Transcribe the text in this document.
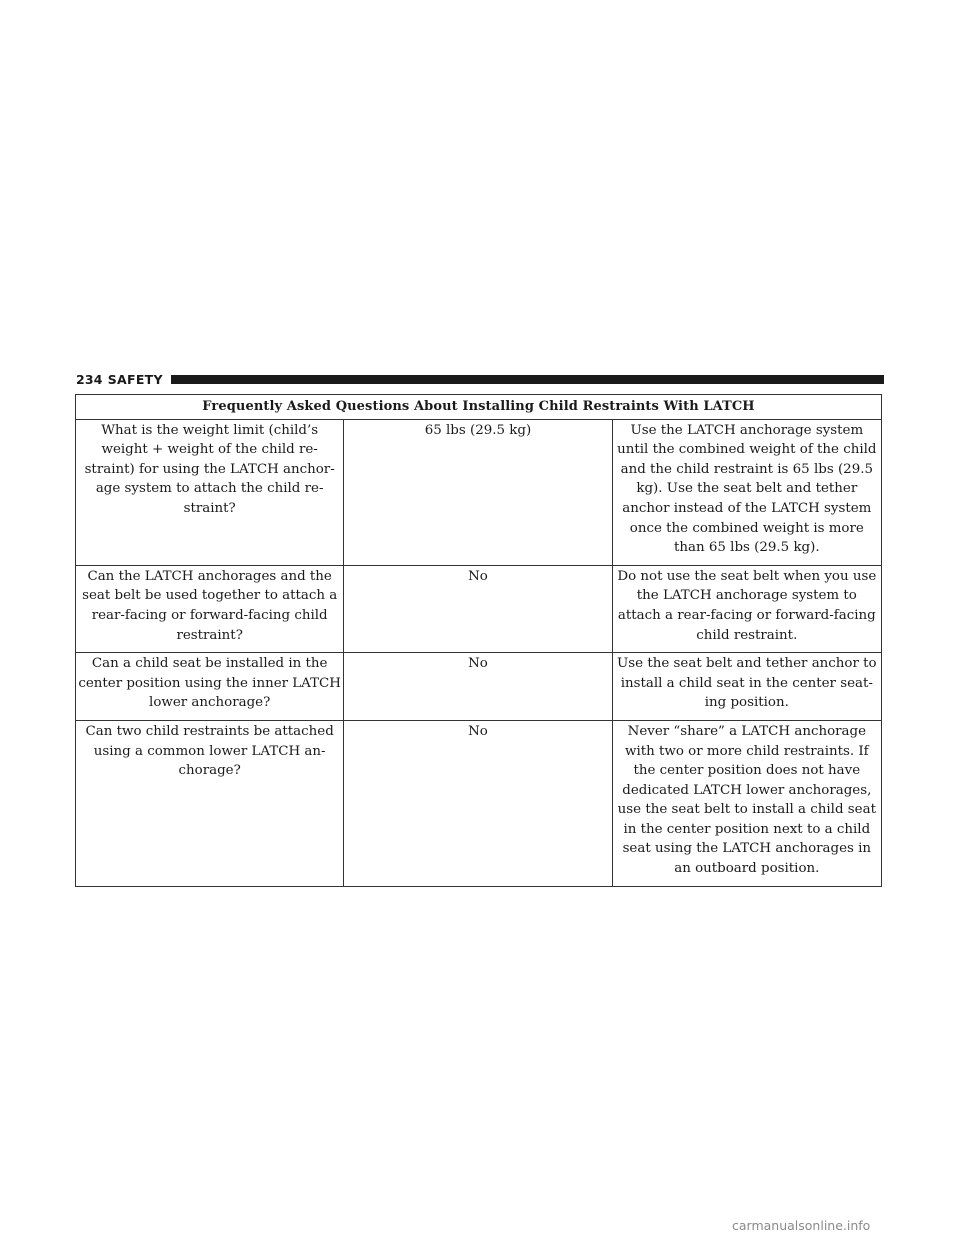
234 SAFETY
Frequently Asked Questions About Installing Child Restraints With LATCH		
What is the weight limit (child’s weight + weight of the child re-straint) for using the LATCH anchor-age system to attach the child re-straint?	65 lbs (29.5 kg)	Use the LATCH anchorage system until the combined weight of the child and the child restraint is 65 lbs (29.5 kg). Use the seat belt and tether anchor instead of the LATCH system once the combined weight is more than 65 lbs (29.5 kg).
Can the LATCH anchorages and the seat belt be used together to attach a rear-facing or forward-facing child restraint?	No	Do not use the seat belt when you use the LATCH anchorage system to attach a rear-facing or forward-facing child restraint.
Can a child seat be installed in the center position using the inner LATCH lower anchorage?	No	Use the seat belt and tether anchor to install a child seat in the center seat-ing position.
Can two child restraints be attached using a common lower LATCH an-chorage?	No	Never “share” a LATCH anchorage with two or more child restraints. If the center position does not have dedicated LATCH lower anchorages, use the seat belt to install a child seat in the center position next to a child seat using the LATCH anchorages in an outboard position.
carmanualsonline.info
